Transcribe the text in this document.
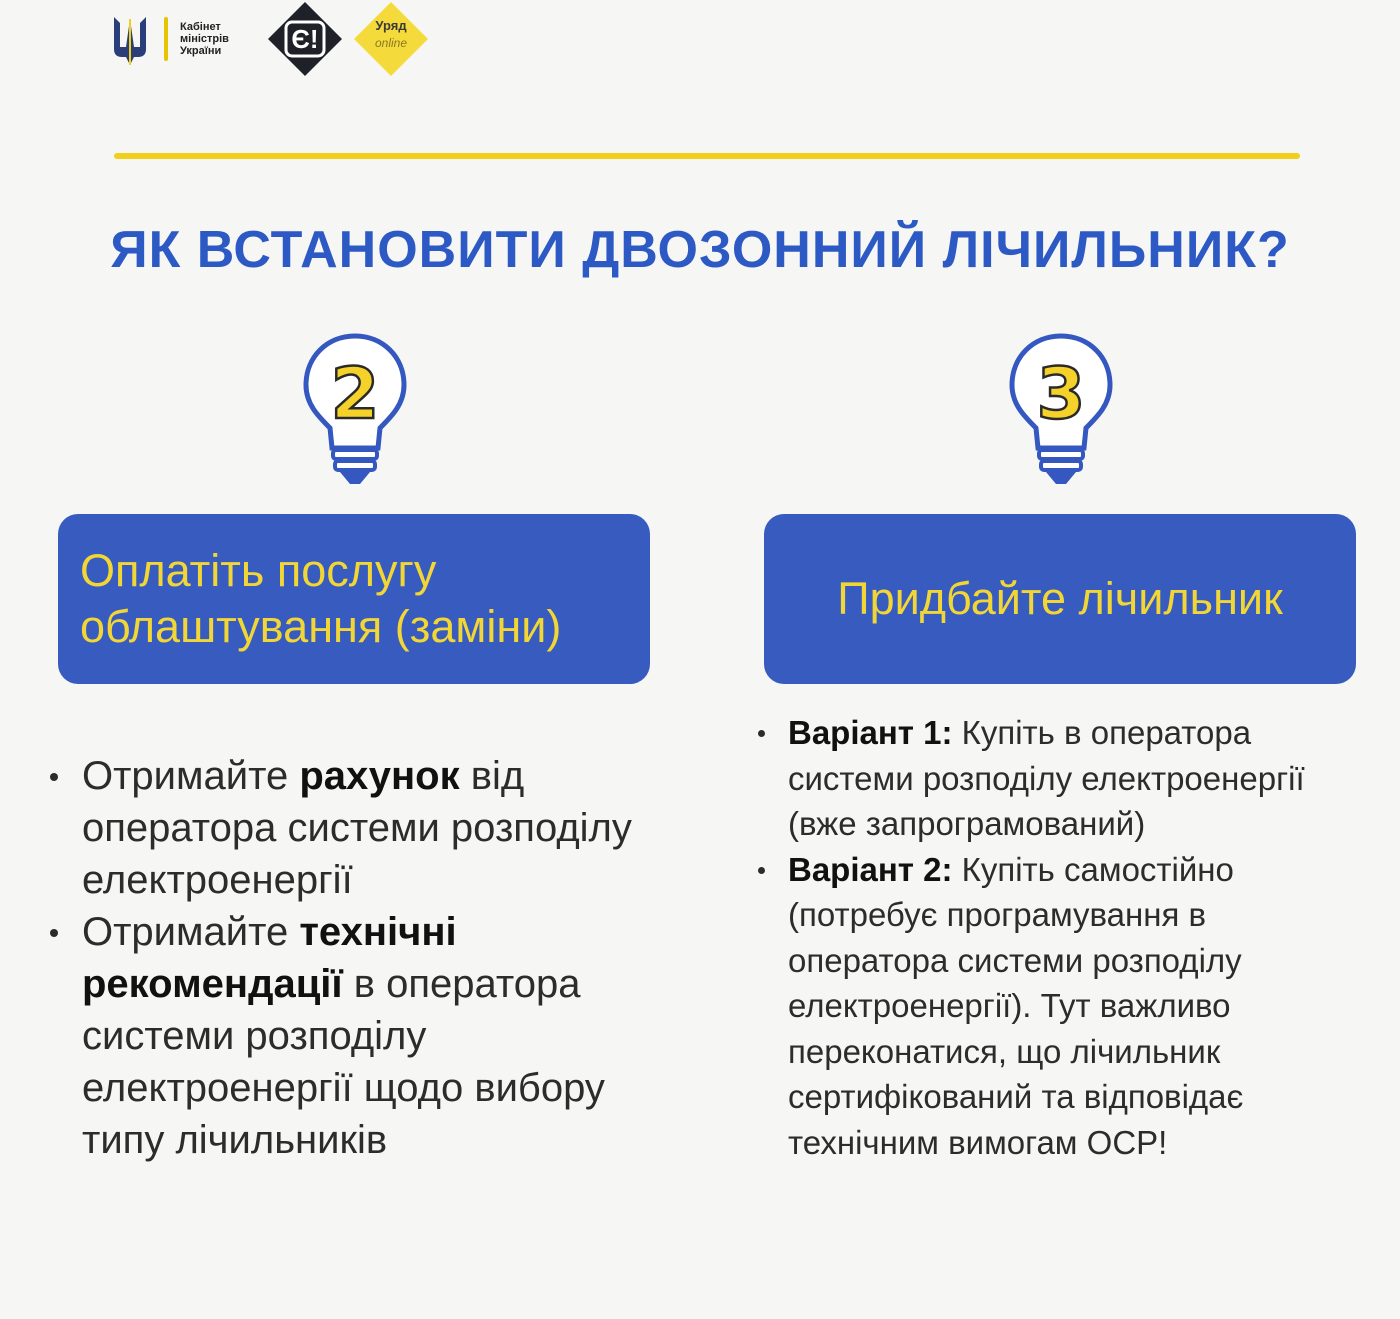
Кабінет
міністрів
України	Є!	Уряд
online
ЯК ВСТАНОВИТИ ДВОЗОННИЙ ЛІЧИЛЬНИК?
2	3
Оплатіть послугу
облаштування (заміни)
Придбайте лічильник
Отримайте рахунок від оператора системи розподілу електроенергії
Отримайте технічні рекомендації в оператора системи розподілу електроенергії щодо вибору типу лічильників
Варіант 1: Купіть в оператора системи розподілу електроенергії (вже запрограмований)
Варіант 2: Купіть самостійно (потребує програмування в оператора системи розподілу електроенергії). Тут важливо переконатися, що лічильник сертифікований та відповідає технічним вимогам ОСР!
